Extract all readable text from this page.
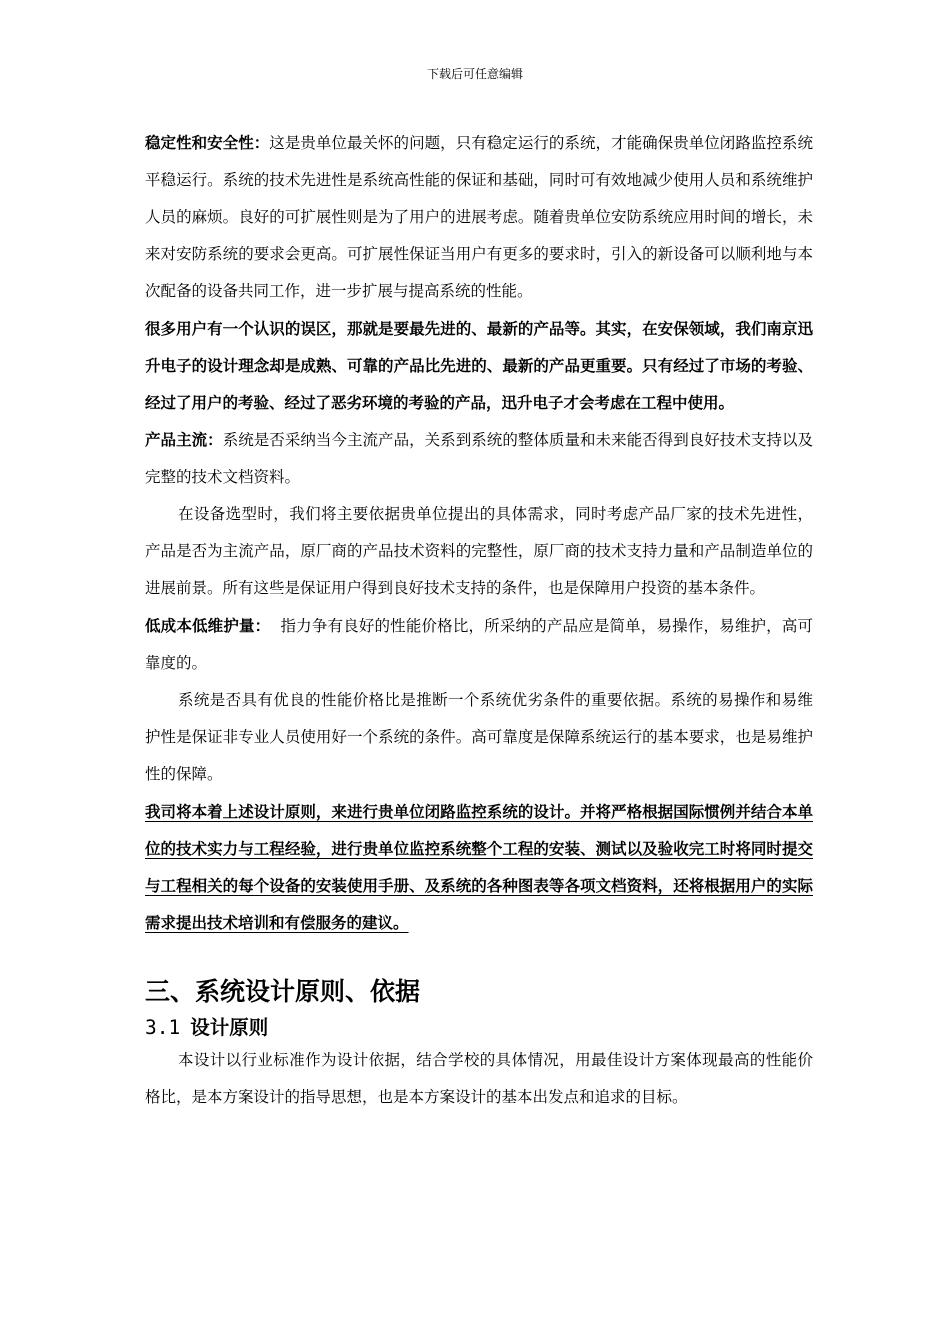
下载后可任意编辑

稳定性和安全性：这是贵单位最关怀的问题，只有稳定运行的系统，才能确保贵单位闭路监控系统平稳运行。系统的技术先进性是系统高性能的保证和基础，同时可有效地减少使用人员和系统维护人员的麻烦。良好的可扩展性则是为了用户的进展考虑。随着贵单位安防系统应用时间的增长，未来对安防系统的要求会更高。可扩展性保证当用户有更多的要求时，引入的新设备可以顺利地与本次配备的设备共同工作，进一步扩展与提高系统的性能。

很多用户有一个认识的误区，那就是要最先进的、最新的产品等。其实，在安保领域，我们南京迅升电子的设计理念却是成熟、可靠的产品比先进的、最新的产品更重要。只有经过了市场的考验、经过了用户的考验、经过了恶劣环境的考验的产品，迅升电子才会考虑在工程中使用。

产品主流：系统是否采纳当今主流产品，关系到系统的整体质量和未来能否得到良好技术支持以及完整的技术文档资料。

在设备选型时，我们将主要依据贵单位提出的具体需求，同时考虑产品厂家的技术先进性，产品是否为主流产品，原厂商的产品技术资料的完整性，原厂商的技术支持力量和产品制造单位的进展前景。所有这些是保证用户得到良好技术支持的条件，也是保障用户投资的基本条件。

低成本低维护量：  指力争有良好的性能价格比，所采纳的产品应是简单，易操作，易维护，高可靠度的。

系统是否具有优良的性能价格比是推断一个系统优劣条件的重要依据。系统的易操作和易维护性是保证非专业人员使用好一个系统的条件。高可靠度是保障系统运行的基本要求，也是易维护性的保障。

我司将本着上述设计原则，来进行贵单位闭路监控系统的设计。并将严格根据国际惯例并结合本单位的技术实力与工程经验，进行贵单位监控系统整个工程的安装、测试以及验收完工时将同时提交与工程相关的每个设备的安装使用手册、及系统的各种图表等各项文档资料，还将根据用户的实际需求提出技术培训和有偿服务的建议。

三、系统设计原则、依据
3.1 设计原则

本设计以行业标准作为设计依据，结合学校的具体情况，用最佳设计方案体现最高的性能价格比，是本方案设计的指导思想，也是本方案设计的基本出发点和追求的目标。
